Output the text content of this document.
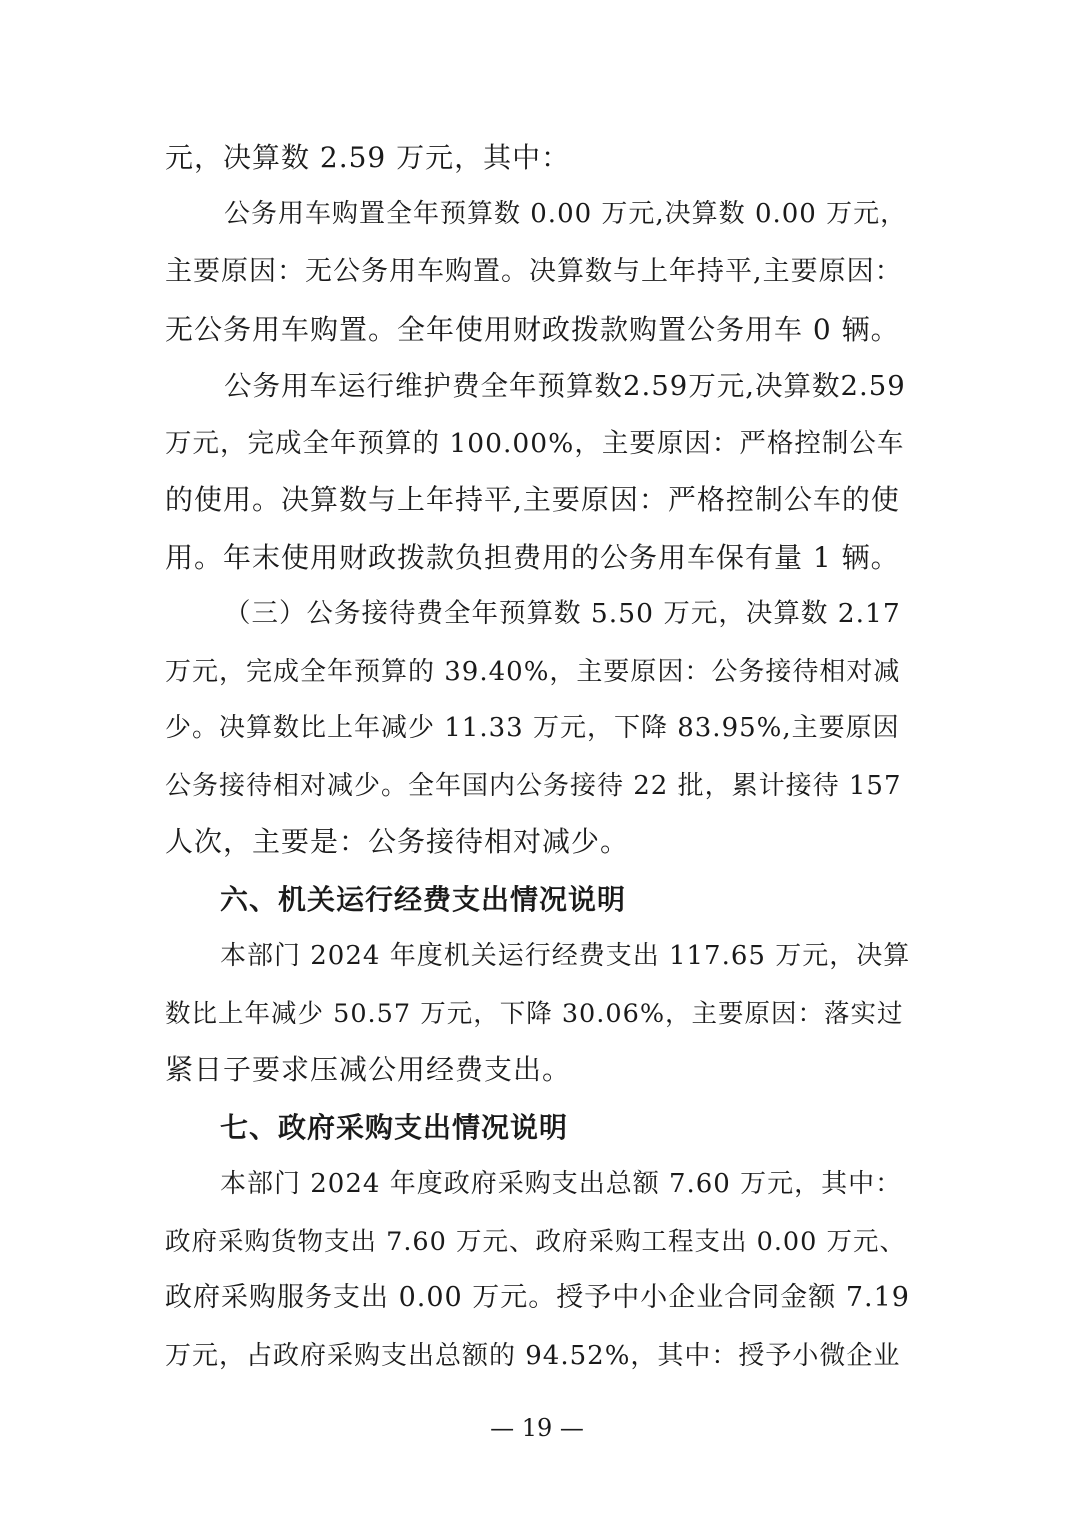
元，决算数 2.59 万元，其中：
公务用车购置全年预算数 0.00 万元,决算数 0.00 万元，
主要原因：无公务用车购置。决算数与上年持平,主要原因：
无公务用车购置。全年使用财政拨款购置公务用车 0 辆。
公务用车运行维护费全年预算数2.59万元,决算数2.59
万元，完成全年预算的 100.00%，主要原因：严格控制公车
的使用。决算数与上年持平,主要原因：严格控制公车的使
用。年末使用财政拨款负担费用的公务用车保有量 1 辆。
（三）公务接待费全年预算数 5.50 万元，决算数 2.17
万元，完成全年预算的 39.40%，主要原因：公务接待相对减
少。决算数比上年减少 11.33 万元，下降 83.95%,主要原因
公务接待相对减少。全年国内公务接待 22 批，累计接待 157
人次，主要是：公务接待相对减少。
六、机关运行经费支出情况说明
本部门 2024 年度机关运行经费支出 117.65 万元，决算
数比上年减少 50.57 万元，下降 30.06%，主要原因：落实过
紧日子要求压减公用经费支出。
七、政府采购支出情况说明
本部门 2024 年度政府采购支出总额 7.60 万元，其中：
政府采购货物支出 7.60 万元、政府采购工程支出 0.00 万元、
政府采购服务支出 0.00 万元。授予中小企业合同金额 7.19
万元，占政府采购支出总额的 94.52%，其中：授予小微企业
— 19 —
